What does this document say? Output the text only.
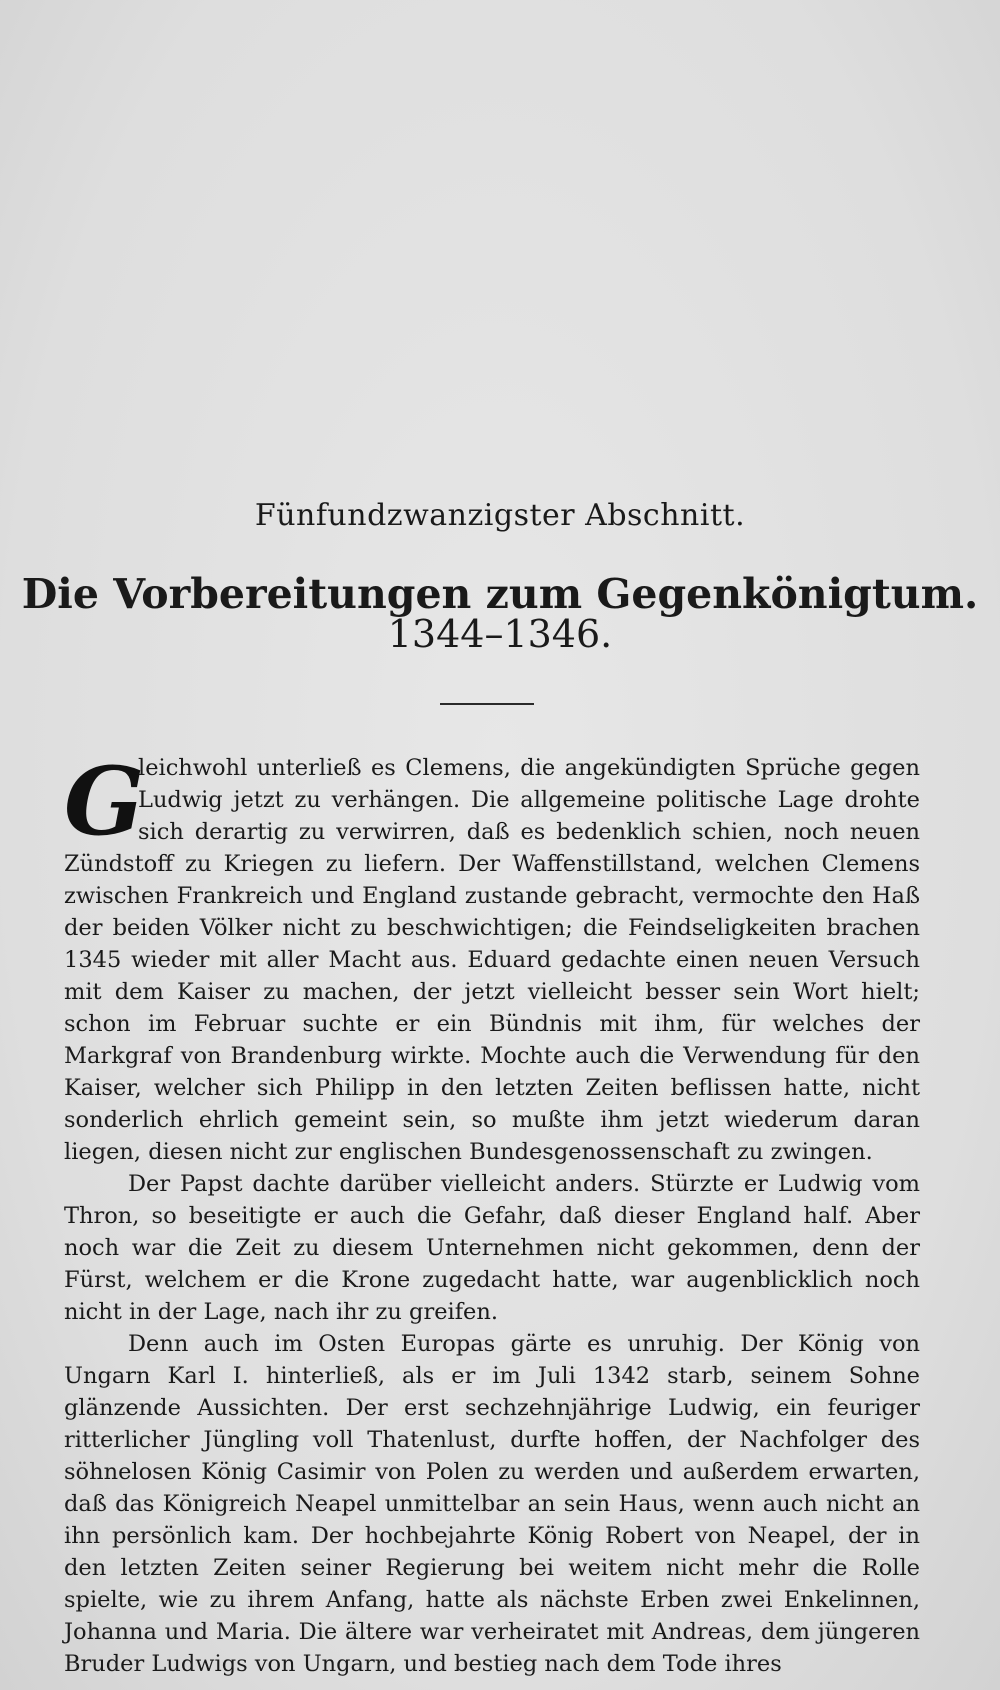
Fünfundzwanzigster Abschnitt.
Die Vorbereitungen zum Gegenkönigtum.
1344–1346.

G
leichwohl unterließ es Clemens, die angekündigten Sprüche gegen Ludwig jetzt zu verhängen. Die allgemeine politische Lage drohte sich derartig zu verwirren, daß es bedenklich schien, noch neuen Zündstoff zu Kriegen zu liefern. Der Waffenstillstand, welchen Clemens zwischen Frankreich und England zustande gebracht, vermochte den Haß der beiden Völker nicht zu beschwichtigen; die Feindseligkeiten brachen 1345 wieder mit aller Macht aus. Eduard gedachte einen neuen Versuch mit dem Kaiser zu machen, der jetzt vielleicht besser sein Wort hielt; schon im Februar suchte er ein Bündnis mit ihm, für welches der Markgraf von Brandenburg wirkte. Mochte auch die Verwendung für den Kaiser, welcher sich Philipp in den letzten Zeiten beflissen hatte, nicht sonderlich ehrlich gemeint sein, so mußte ihm jetzt wiederum daran liegen, diesen nicht zur englischen Bundesgenossenschaft zu zwingen.

Der Papst dachte darüber vielleicht anders. Stürzte er Ludwig vom Thron, so beseitigte er auch die Gefahr, daß dieser England half. Aber noch war die Zeit zu diesem Unternehmen nicht gekommen, denn der Fürst, welchem er die Krone zugedacht hatte, war augenblicklich noch nicht in der Lage, nach ihr zu greifen.

Denn auch im Osten Europas gärte es unruhig. Der König von Ungarn Karl I. hinterließ, als er im Juli 1342 starb, seinem Sohne glänzende Aussichten. Der erst sechzehnjährige Ludwig, ein feuriger ritterlicher Jüngling voll Thatenlust, durfte hoffen, der Nachfolger des söhnelosen König Casimir von Polen zu werden und außerdem erwarten, daß das Königreich Neapel unmittelbar an sein Haus, wenn auch nicht an ihn persönlich kam. Der hochbejahrte König Robert von Neapel, der in den letzten Zeiten seiner Regierung bei weitem nicht mehr die Rolle spielte, wie zu ihrem Anfang, hatte als nächste Erben zwei Enkelinnen, Johanna und Maria. Die ältere war verheiratet mit Andreas, dem jüngeren Bruder Ludwigs von Ungarn, und bestieg nach dem Tode ihres
